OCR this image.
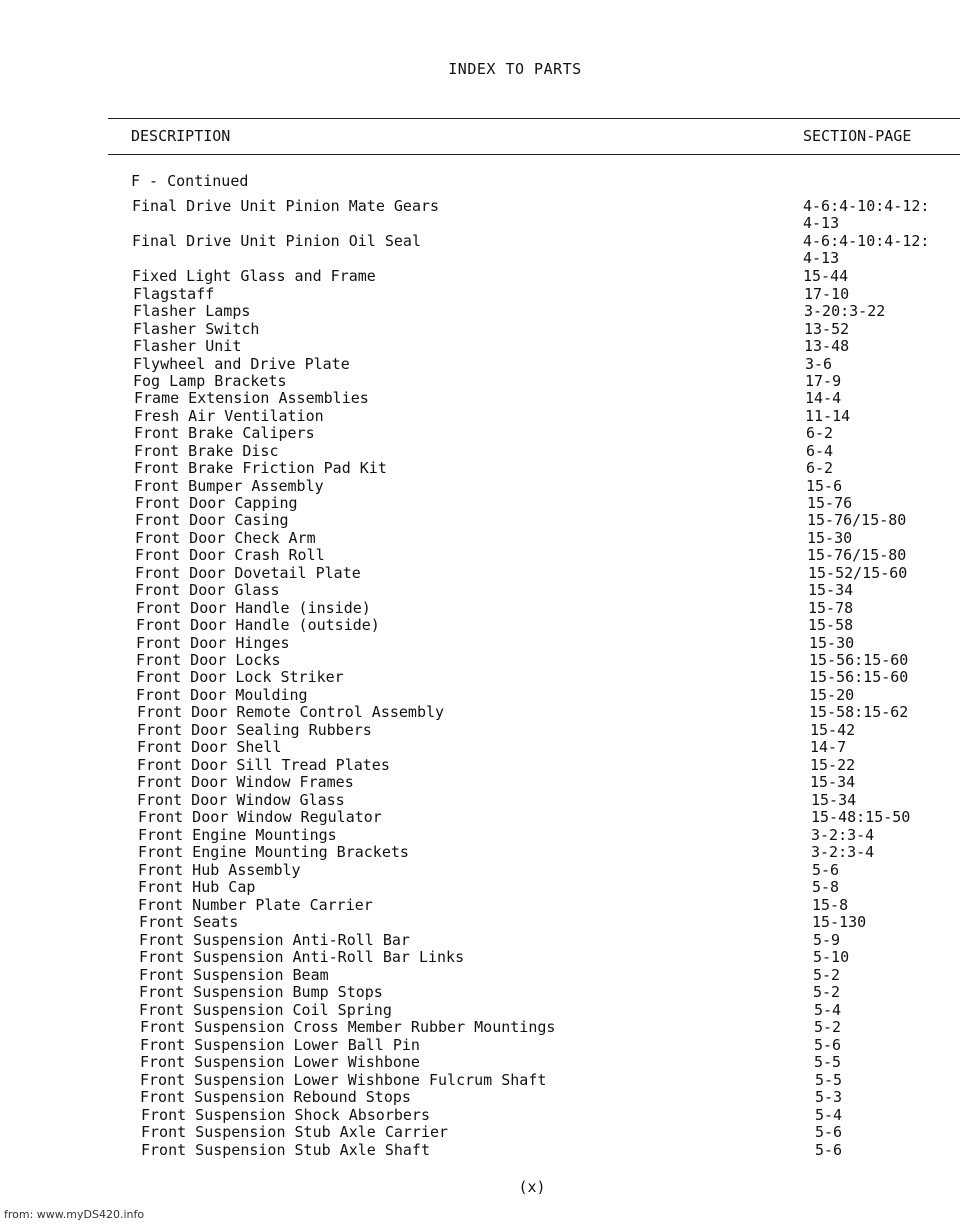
INDEX TO PARTS
DESCRIPTION	SECTION-PAGE
F - Continued
Final Drive Unit Pinion Mate Gears	4-6:4-10:4-12:
4-13
Final Drive Unit Pinion Oil Seal	4-6:4-10:4-12:
4-13
Fixed Light Glass and Frame	15-44
Flagstaff	17-10
Flasher Lamps	3-20:3-22
Flasher Switch	13-52
Flasher Unit	13-48
Flywheel and Drive Plate	3-6
Fog Lamp Brackets	17-9
Frame Extension Assemblies	14-4
Fresh Air Ventilation	11-14
Front Brake Calipers	6-2
Front Brake Disc	6-4
Front Brake Friction Pad Kit	6-2
Front Bumper Assembly	15-6
Front Door Capping	15-76
Front Door Casing	15-76/15-80
Front Door Check Arm	15-30
Front Door Crash Roll	15-76/15-80
Front Door Dovetail Plate	15-52/15-60
Front Door Glass	15-34
Front Door Handle (inside)	15-78
Front Door Handle (outside)	15-58
Front Door Hinges	15-30
Front Door Locks	15-56:15-60
Front Door Lock Striker	15-56:15-60
Front Door Moulding	15-20
Front Door Remote Control Assembly	15-58:15-62
Front Door Sealing Rubbers	15-42
Front Door Shell	14-7
Front Door Sill Tread Plates	15-22
Front Door Window Frames	15-34
Front Door Window Glass	15-34
Front Door Window Regulator	15-48:15-50
Front Engine Mountings	3-2:3-4
Front Engine Mounting Brackets	3-2:3-4
Front Hub Assembly	5-6
Front Hub Cap	5-8
Front Number Plate Carrier	15-8
Front Seats	15-130
Front Suspension Anti-Roll Bar	5-9
Front Suspension Anti-Roll Bar Links	5-10
Front Suspension Beam	5-2
Front Suspension Bump Stops	5-2
Front Suspension Coil Spring	5-4
Front Suspension Cross Member Rubber Mountings	5-2
Front Suspension Lower Ball Pin	5-6
Front Suspension Lower Wishbone	5-5
Front Suspension Lower Wishbone Fulcrum Shaft	5-5
Front Suspension Rebound Stops	5-3
Front Suspension Shock Absorbers	5-4
Front Suspension Stub Axle Carrier	5-6
Front Suspension Stub Axle Shaft	5-6
(x)
from: www.myDS420.info
